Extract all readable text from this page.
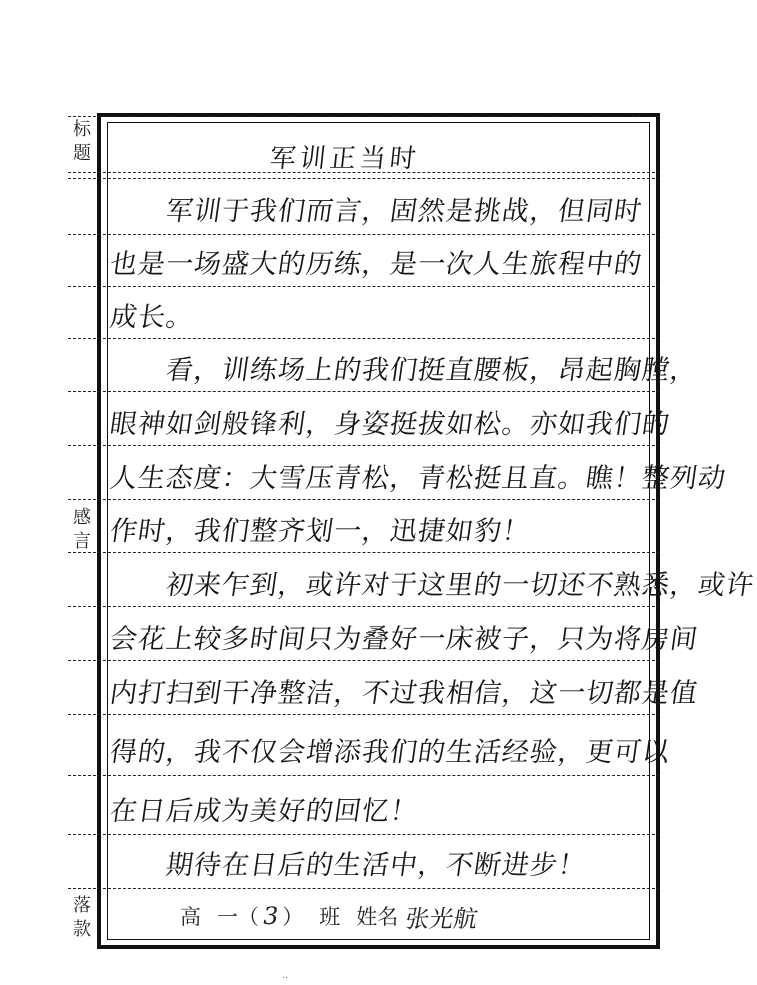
标
题
感
言
落
款
军训正当时
　　军训于我们而言，固然是挑战，但同时
也是一场盛大的历练，是一次人生旅程中的
成长。
　　看，训练场上的我们挺直腰板，昂起胸膛，
眼神如剑般锋利，身姿挺拔如松。亦如我们的
人生态度：大雪压青松，青松挺且直。瞧！整列动
作时，我们整齐划一，迅捷如豹！
　　初来乍到，或许对于这里的一切还不熟悉，或许
会花上较多时间只为叠好一床被子，只为将房间
内打扫到干净整洁，不过我相信，这一切都是值
得的，我不仅会增添我们的生活经验，更可以
在日后成为美好的回忆！
　　期待在日后的生活中，不断进步！
高 一 （ 3 ） 班 姓名 张光航
..
